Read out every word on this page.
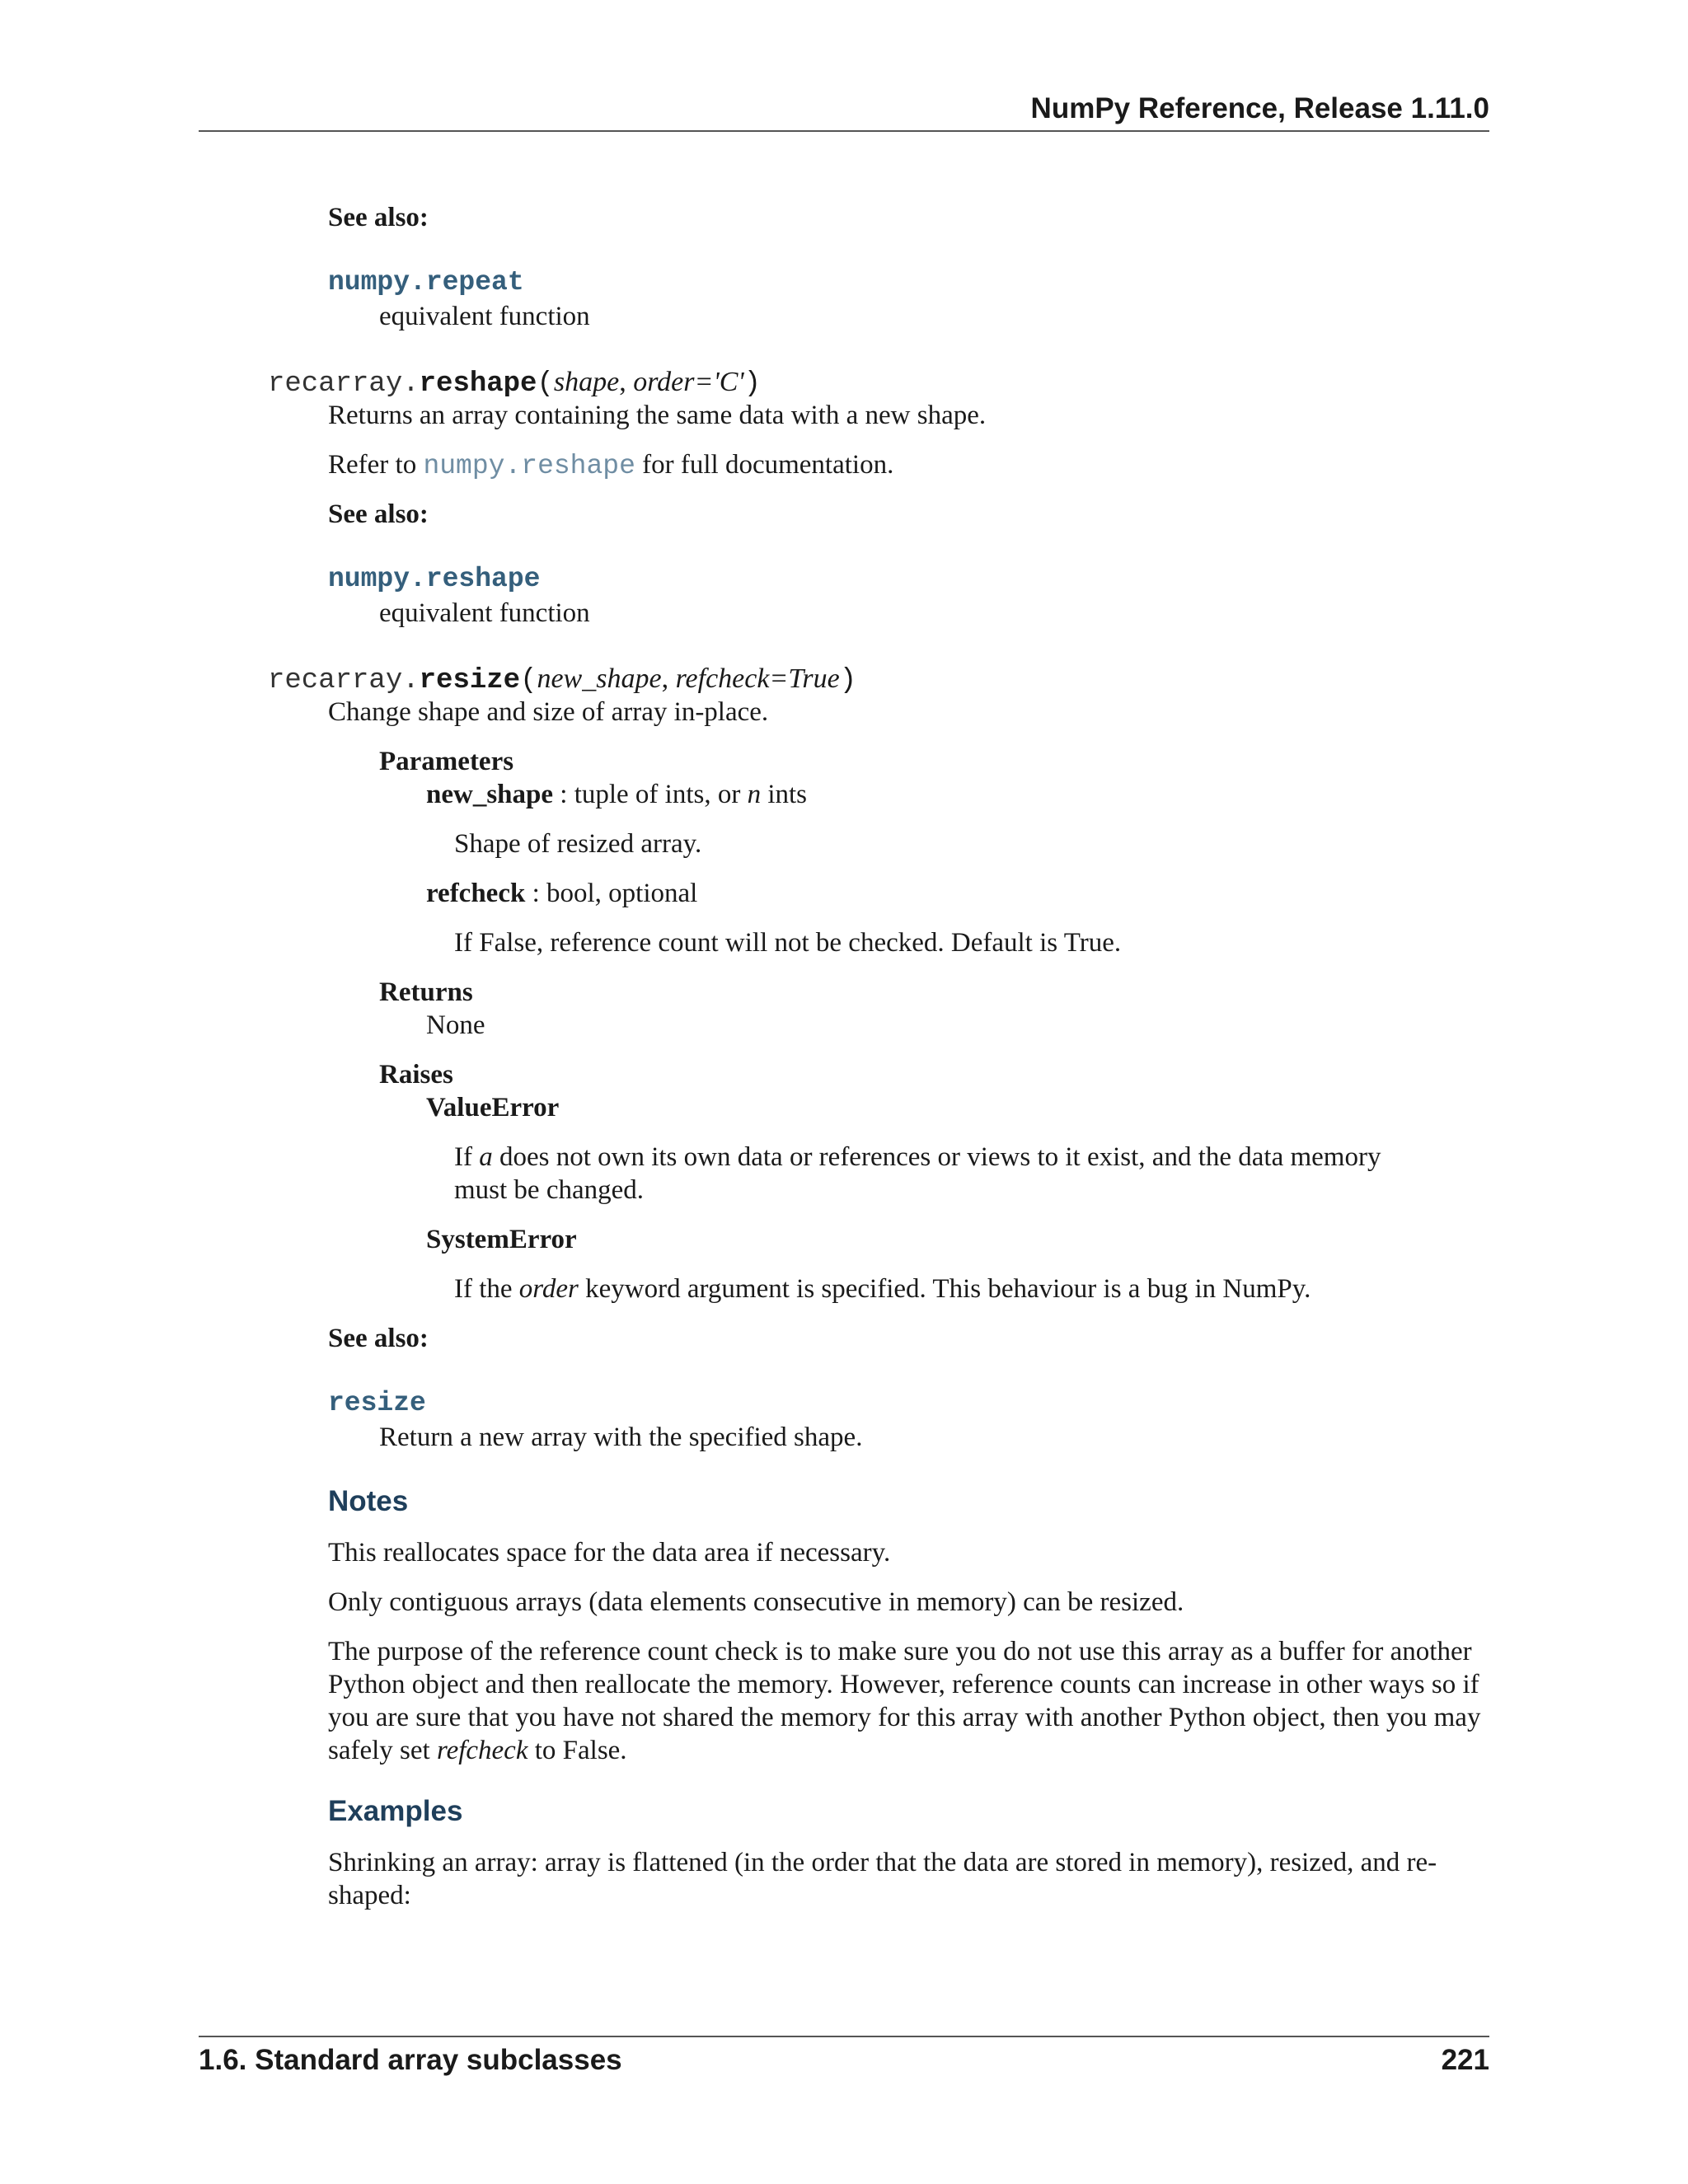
NumPy Reference, Release 1.11.0
See also:
numpy.repeat
equivalent function
recarray.reshape(shape, order='C')
Returns an array containing the same data with a new shape.
Refer to numpy.reshape for full documentation.
See also:
numpy.reshape
equivalent function
recarray.resize(new_shape, refcheck=True)
Change shape and size of array in-place.
Parameters
new_shape : tuple of ints, or n ints
Shape of resized array.
refcheck : bool, optional
If False, reference count will not be checked. Default is True.
Returns
None
Raises
ValueError
If a does not own its own data or references or views to it exist, and the data memory
must be changed.
SystemError
If the order keyword argument is specified. This behaviour is a bug in NumPy.
See also:
resize
Return a new array with the specified shape.
Notes
This reallocates space for the data area if necessary.
Only contiguous arrays (data elements consecutive in memory) can be resized.
The purpose of the reference count check is to make sure you do not use this array as a buffer for another
Python object and then reallocate the memory. However, reference counts can increase in other ways so if
you are sure that you have not shared the memory for this array with another Python object, then you may
safely set refcheck to False.
Examples
Shrinking an array: array is flattened (in the order that the data are stored in memory), resized, and re-
shaped:
1.6. Standard array subclasses	221
